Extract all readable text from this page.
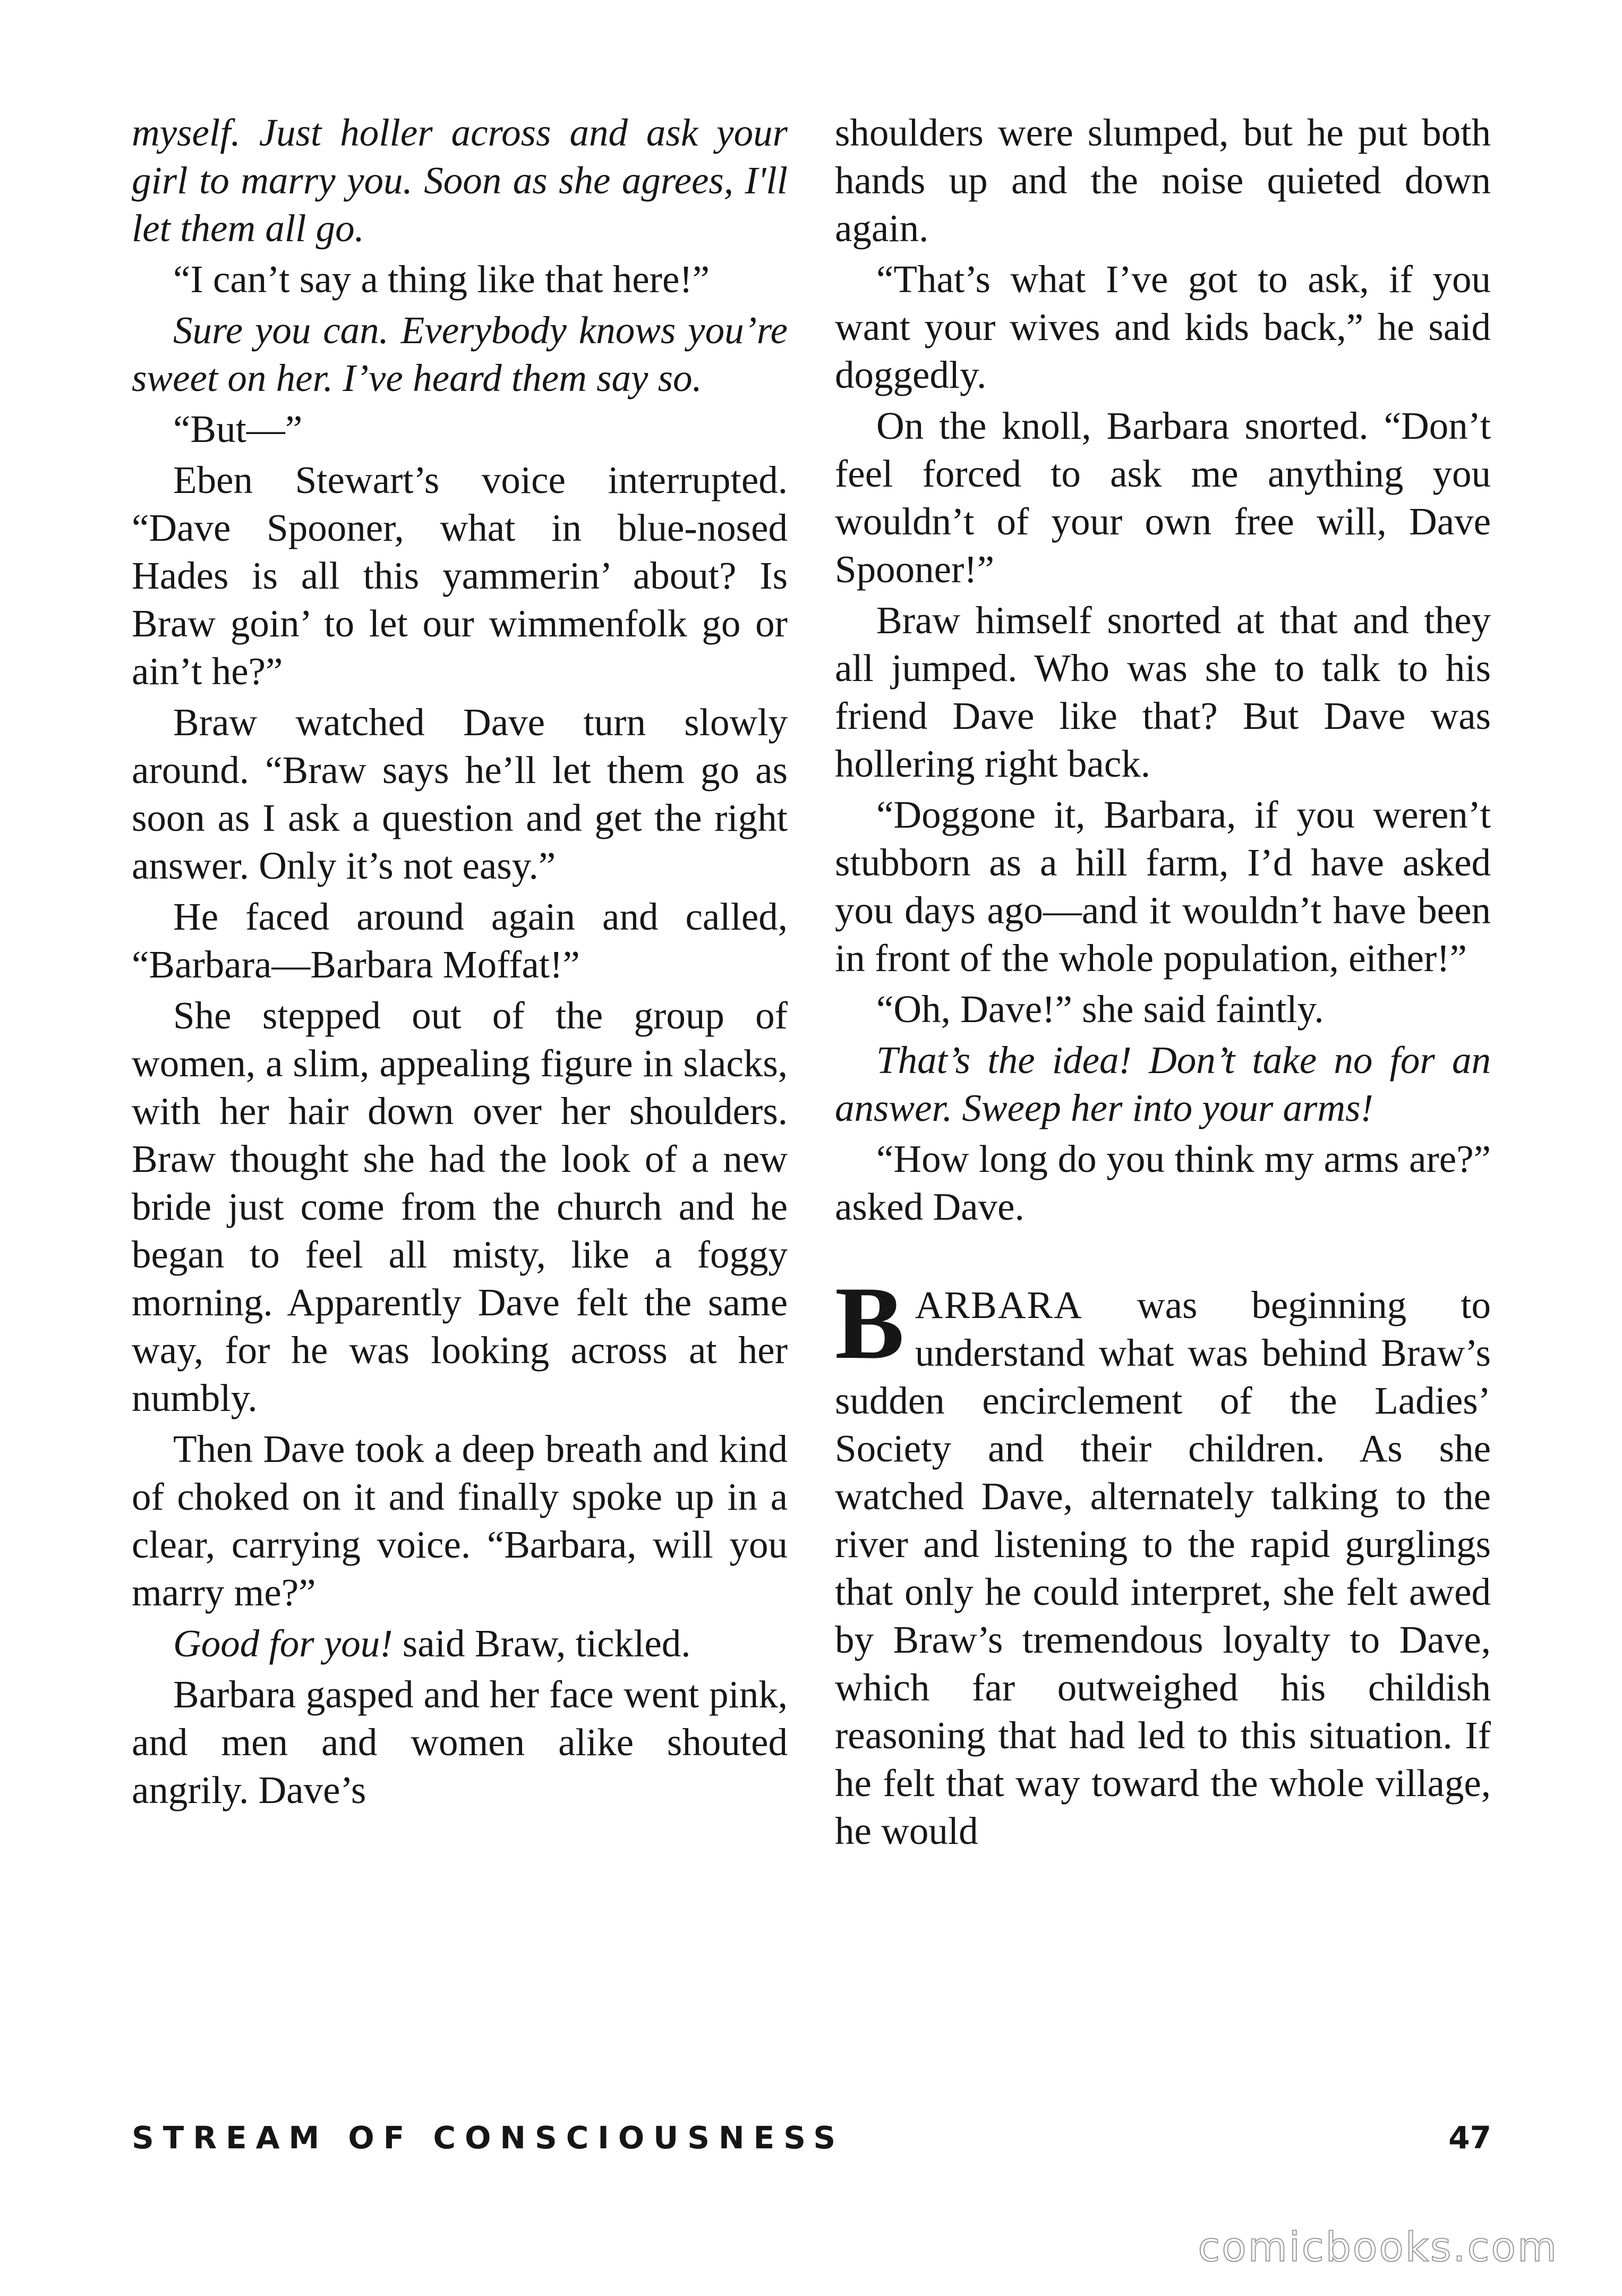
myself. Just holler across and ask your girl to marry you. Soon as she agrees, I'll let them all go.

“I can’t say a thing like that here!”

Sure you can. Everybody knows you’re sweet on her. I’ve heard them say so.

“But—”

Eben Stewart’s voice interrupted. “Dave Spooner, what in blue-nosed Hades is all this yammerin’ about? Is Braw goin’ to let our wimmenfolk go or ain’t he?”

Braw watched Dave turn slowly around. “Braw says he’ll let them go as soon as I ask a question and get the right answer. Only it’s not easy.”

He faced around again and called, “Barbara—Barbara Moffat!”

She stepped out of the group of women, a slim, appealing figure in slacks, with her hair down over her shoulders. Braw thought she had the look of a new bride just come from the church and he began to feel all misty, like a foggy morning. Apparently Dave felt the same way, for he was looking across at her numbly.

Then Dave took a deep breath and kind of choked on it and finally spoke up in a clear, carrying voice. “Barbara, will you marry me?”

Good for you! said Braw, tickled.

Barbara gasped and her face went pink, and men and women alike shouted angrily. Dave’s

shoulders were slumped, but he put both hands up and the noise quieted down again.

“That’s what I’ve got to ask, if you want your wives and kids back,” he said doggedly.

On the knoll, Barbara snorted. “Don’t feel forced to ask me anything you wouldn’t of your own free will, Dave Spooner!”

Braw himself snorted at that and they all jumped. Who was she to talk to his friend Dave like that? But Dave was hollering right back.

“Doggone it, Barbara, if you weren’t stubborn as a hill farm, I’d have asked you days ago—and it wouldn’t have been in front of the whole population, either!”

“Oh, Dave!” she said faintly.

That’s the idea! Don’t take no for an answer. Sweep her into your arms!

“How long do you think my arms are?” asked Dave.

BARBARA was beginning to understand what was behind Braw’s sudden encirclement of the Ladies’ Society and their children. As she watched Dave, alternately talking to the river and listening to the rapid gurglings that only he could interpret, she felt awed by Braw’s tremendous loyalty to Dave, which far outweighed his childish reasoning that had led to this situation. If he felt that way toward the whole village, he would

STREAM OF CONSCIOUSNESS	47
comicbooks.com
